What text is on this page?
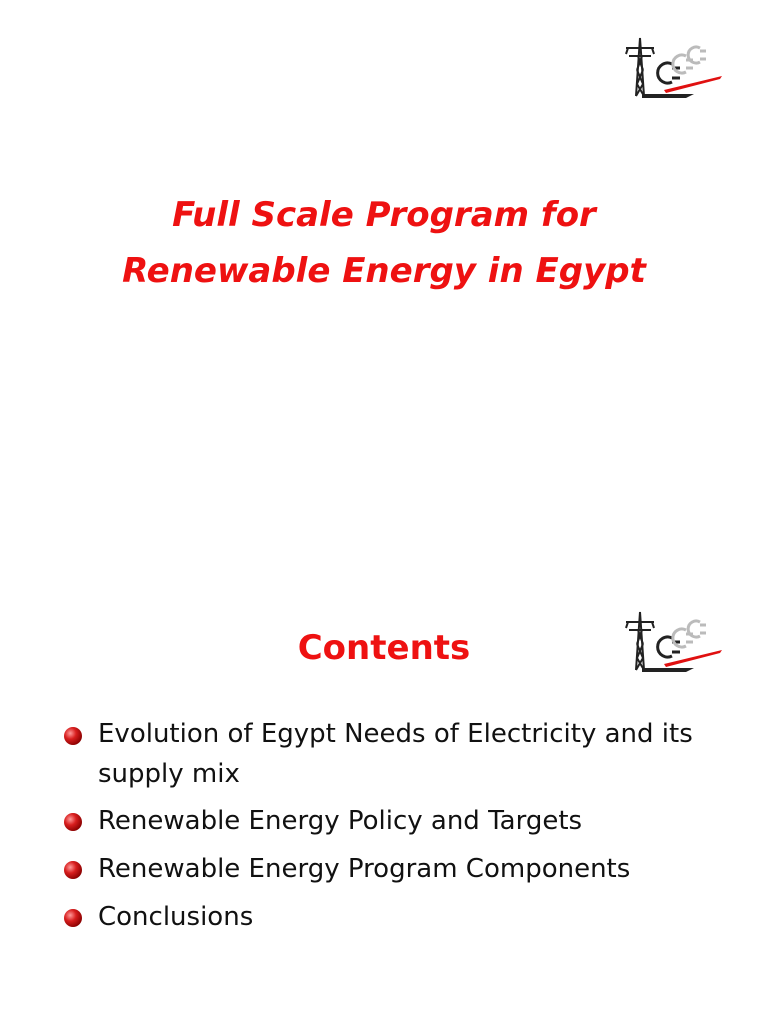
Full Scale Program for
Renewable Energy in Egypt
Contents
Evolution of Egypt Needs of Electricity and its supply mix
Renewable Energy Policy and Targets
Renewable Energy Program Components
Conclusions
